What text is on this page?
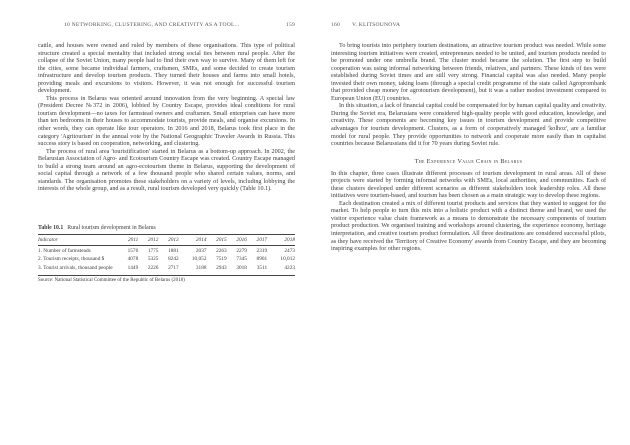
10 NETWORKING, CLUSTERING, AND CREATIVITY AS A TOOL...	159

cattle, and houses were owned and ruled by members of these organisations. This type of political structure created a special mentality that included strong social ties between rural people. After the collapse of the Soviet Union, many people had to find their own way to survive. Many of them left for the cities, some became individual farmers, craftsmen, SMEs, and some decided to create tourism infrastructure and develop tourism products. They turned their houses and farms into small hotels, providing meals and excursions to visitors. However, it was not enough for successful tourism development.

This process in Belarus was oriented around innovation from the very beginning. A special law (President Decree №372 in 2006), lobbied by Country Escape, provides ideal conditions for rural tourism development—no taxes for farmstead owners and craftsmen. Small enterprises can have more than ten bedrooms in their houses to accommodate tourists, provide meals, and organise excursions. In other words, they can operate like tour operators. In 2016 and 2018, Belarus took first place in the category 'Agritourism' in the annual vote by the National Geographic Traveler Awards in Russia. This success story is based on cooperation, networking, and clustering.

The process of rural area 'touristification' started in Belarus as a bottom-up approach. In 2002, the Belarusian Association of Agro- and Ecotourism Country Escape was created. Country Escape managed to build a strong team around an agro-ecotourism theme in Belarus, supporting the development of social capital through a network of a few thousand people who shared certain values, norms, and standards. The organisation promotes these stakeholders on a variety of levels, including lobbying the interests of the whole group, and as a result, rural tourism developed very quickly (Table 10.1).

Table 10.1 Rural tourism development in Belarus
Indicator	2011	2012	2013	2014	2015	2016	2017	2018
1. Number of farmsteads	1576	1775	1881	2037	2263	2279	2319	2473
2. Tourism receipts, thousand $	4078	5325	8242	10,052	7519	7345	8901	10,012
3. Tourist arrivals, thousand people	1449	2226	2717	3188	2943	3018	3511	4223
Source: National Statistical Committee of the Republic of Belarus (2018)
160 V. KLITSOUNOVA

To bring tourists into periphery tourism destinations, an attractive tourism product was needed. While some interesting tourism initiatives were created, entrepreneurs needed to be united, and tourism products needed to be promoted under one umbrella brand. The cluster model became the solution. The first step to build cooperation was using informal networking between friends, relatives, and partners. These kinds of ties were established during Soviet times and are still very strong. Financial capital was also needed. Many people invested their own money, taking loans (through a special credit programme of the state called Agroprombank that provided cheap money for agrotourism development), but it was a rather modest investment compared to European Union (EU) countries.

In this situation, a lack of financial capital could be compensated for by human capital quality and creativity. During the Soviet era, Belarusians were considered high-quality people with good education, knowledge, and creativity. These components are becoming key issues in tourism development and provide competitive advantages for tourism development. Clusters, as a form of cooperatively managed 'kolhoz', are a familiar model for rural people. They provide opportunities to network and cooperate more easily than in capitalist countries because Belarussians did it for 70 years during Soviet rule.

The Experience Value Chain in Belarus

In this chapter, three cases illustrate different processes of tourism development in rural areas. All of these projects were started by forming informal networks with SMEs, local authorities, and communities. Each of these clusters developed under different scenarios as different stakeholders took leadership roles. All these initiatives were tourism-based, and tourism has been chosen as a main strategic way to develop these regions.

Each destination created a mix of different tourist products and services that they wanted to suggest for the market. To help people to turn this mix into a holistic product with a distinct theme and brand, we used the visitor experience value chain framework as a means to demonstrate the necessary components of tourism product production. We organised training and workshops around clustering, the experience economy, heritage interpretation, and creative tourism product formulation. All three destinations are considered successful pilots, as they have received the 'Territory of Creative Economy' awards from Country Escape, and they are becoming inspiring examples for other regions.
